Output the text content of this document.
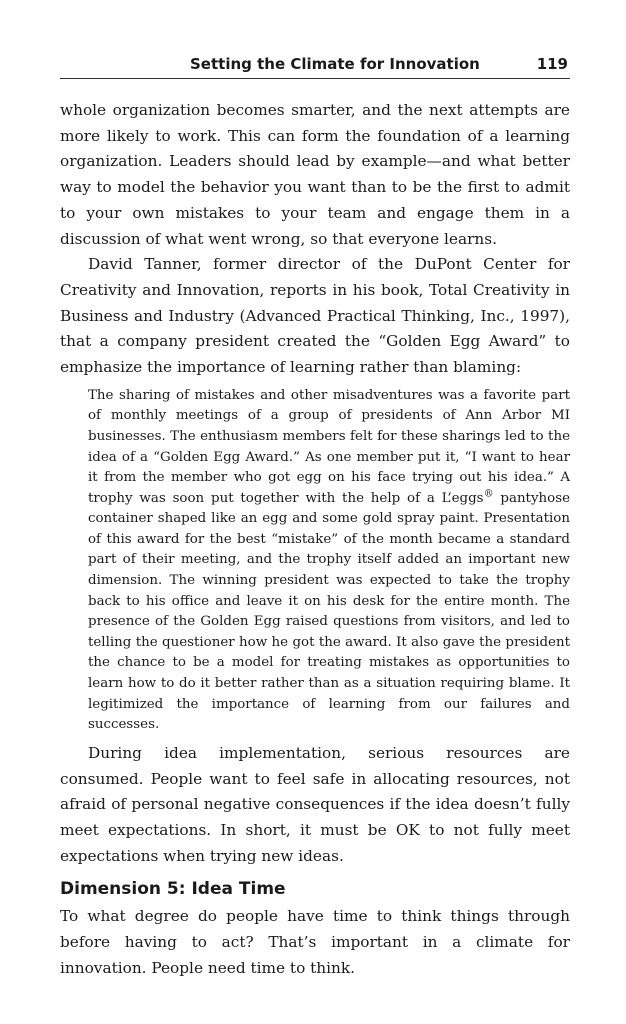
Setting the Climate for Innovation	119

whole organization becomes smarter, and the next attempts are more likely to work. This can form the foundation of a learning organization. Leaders should lead by example—and what better way to model the behavior you want than to be the first to admit to your own mistakes to your team and engage them in a discussion of what went wrong, so that everyone learns.

David Tanner, former director of the DuPont Center for Creativity and Innovation, reports in his book, Total Creativity in Business and Industry (Advanced Practical Thinking, Inc., 1997), that a company president created the “Golden Egg Award” to emphasize the importance of learning rather than blaming:

The sharing of mistakes and other misadventures was a favorite part of monthly meetings of a group of presidents of Ann Arbor MI businesses. The enthusiasm members felt for these sharings led to the idea of a “Golden Egg Award.” As one member put it, “I want to hear it from the member who got egg on his face trying out his idea.” A trophy was soon put together with the help of a L’eggs® pantyhose container shaped like an egg and some gold spray paint. Presentation of this award for the best “mistake” of the month became a standard part of their meeting, and the trophy itself added an important new dimension. The winning president was expected to take the trophy back to his office and leave it on his desk for the entire month. The presence of the Golden Egg raised questions from visitors, and led to telling the questioner how he got the award. It also gave the president the chance to be a model for treating mistakes as opportunities to learn how to do it better rather than as a situation requiring blame. It legitimized the importance of learning from our failures and successes.

During idea implementation, serious resources are consumed. People want to feel safe in allocating resources, not afraid of personal negative consequences if the idea doesn’t fully meet expectations. In short, it must be OK to not fully meet expectations when trying new ideas.

Dimension 5: Idea Time

To what degree do people have time to think things through before having to act? That’s important in a climate for innovation. People need time to think.
